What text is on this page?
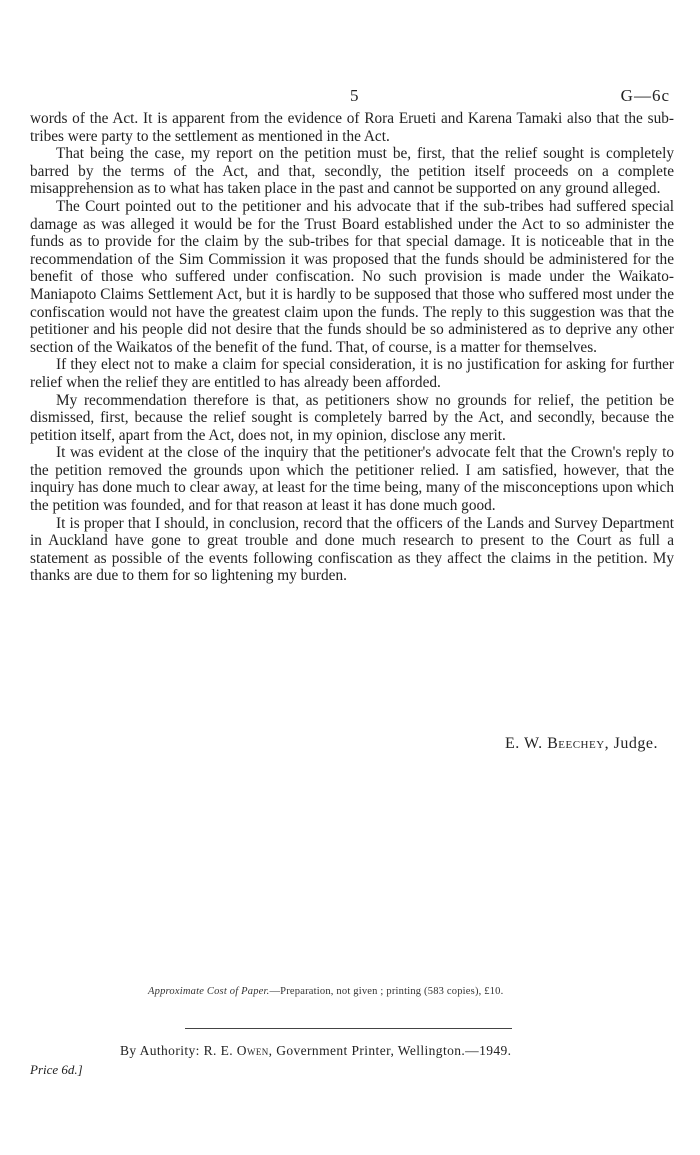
5	G—6c

words of the Act. It is apparent from the evidence of Rora Erueti and Karena Tamaki also that the sub-tribes were party to the settlement as mentioned in the Act.

That being the case, my report on the petition must be, first, that the relief sought is completely barred by the terms of the Act, and that, secondly, the petition itself proceeds on a complete misapprehension as to what has taken place in the past and cannot be supported on any ground alleged.

The Court pointed out to the petitioner and his advocate that if the sub-tribes had suffered special damage as was alleged it would be for the Trust Board established under the Act to so administer the funds as to provide for the claim by the sub-tribes for that special damage. It is noticeable that in the recommendation of the Sim Commission it was proposed that the funds should be administered for the benefit of those who suffered under confiscation. No such provision is made under the Waikato-Maniapoto Claims Settlement Act, but it is hardly to be supposed that those who suffered most under the confiscation would not have the greatest claim upon the funds. The reply to this suggestion was that the petitioner and his people did not desire that the funds should be so administered as to deprive any other section of the Waikatos of the benefit of the fund. That, of course, is a matter for themselves.

If they elect not to make a claim for special consideration, it is no justification for asking for further relief when the relief they are entitled to has already been afforded.

My recommendation therefore is that, as petitioners show no grounds for relief, the petition be dismissed, first, because the relief sought is completely barred by the Act, and secondly, because the petition itself, apart from the Act, does not, in my opinion, disclose any merit.

It was evident at the close of the inquiry that the petitioner's advocate felt that the Crown's reply to the petition removed the grounds upon which the petitioner relied. I am satisfied, however, that the inquiry has done much to clear away, at least for the time being, many of the misconceptions upon which the petition was founded, and for that reason at least it has done much good.

It is proper that I should, in conclusion, record that the officers of the Lands and Survey Department in Auckland have gone to great trouble and done much research to present to the Court as full a statement as possible of the events following confiscation as they affect the claims in the petition. My thanks are due to them for so lightening my burden.

E. W. Beechey, Judge.
Approximate Cost of Paper.—Preparation, not given ; printing (583 copies), £10.
By Authority: R. E. Owen, Government Printer, Wellington.—1949.
Price 6d.]
